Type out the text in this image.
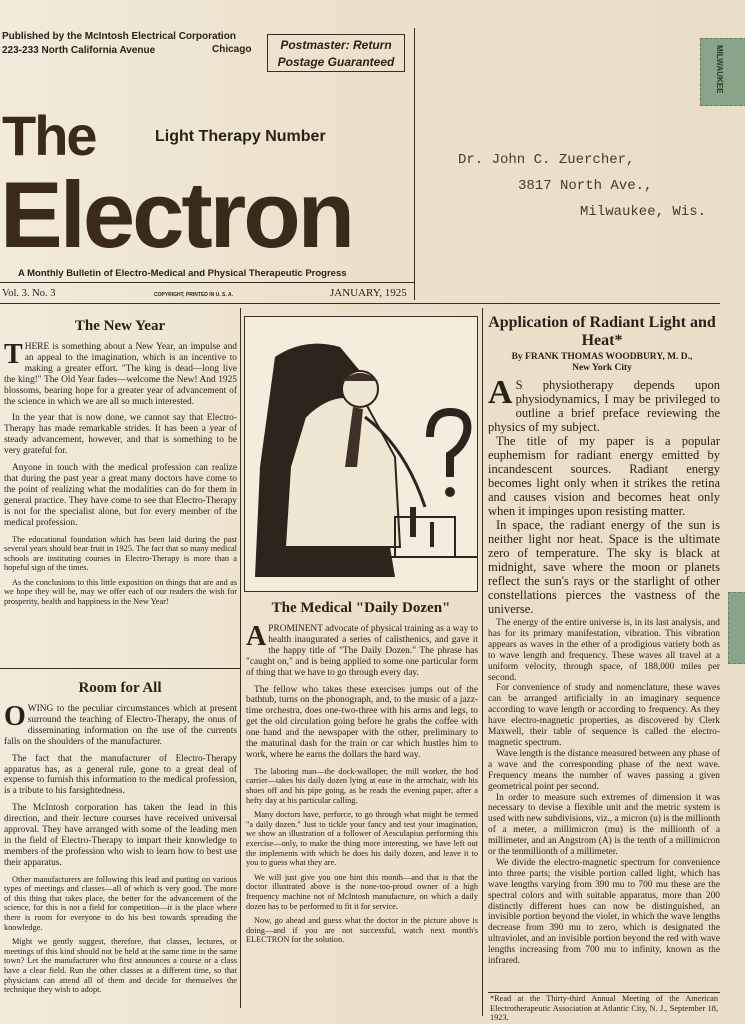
Published by the McIntosh Electrical Corporation
223-233 North California Avenue	Chicago	Postmaster: Return
Postage Guaranteed
The	Light Therapy Number
Electron
A Monthly Bulletin of Electro-Medical and Physical Therapeutic Progress
Vol. 3. No. 3	COPYRIGHT, PRINTED IN U. S. A.	JANUARY, 1925
Dr. John C. Zuercher,
3817 North Ave.,
Milwaukee, Wis.
MILWAUKEE
The New Year

THERE is something about a New Year, an impulse and an appeal to the imagination, which is an incentive to making a greater effort. "The king is dead—long live the king!" The Old Year fades—welcome the New! And 1925 blossoms, bearing hope for a greater year of advancement of the science in which we are all so much interested.

In the year that is now done, we cannot say that Electro-Therapy has made remarkable strides. It has been a year of steady advancement, however, and that is something to be very grateful for.

Anyone in touch with the medical profession can realize that during the past year a great many doctors have come to the point of realizing what the modalities can do for them in general practice. They have come to see that Electro-Therapy is not for the specialist alone, but for every member of the medical profession.

The educational foundation which has been laid during the past several years should bear fruit in 1925. The fact that so many medical schools are instituting courses in Electro-Therapy is more than a hopeful sign of the times.

As the conclusions to this little exposition on things that are and as we hope they will be, may we offer each of our readers the wish for prosperity, health and happiness in the New Year!

Room for All

OWING to the peculiar circumstances which at present surround the teaching of Electro-Therapy, the onus of disseminating information on the use of the currents falls on the shoulders of the manufacturer.

The fact that the manufacturer of Electro-Therapy apparatus has, as a general rule, gone to a great deal of expense to furnish this information to the medical profession, is a tribute to his farsightedness.

The McIntosh corporation has taken the lead in this direction, and their lecture courses have received universal approval. They have arranged with some of the leading men in the field of Electro-Therapy to impart their knowledge to members of the profession who wish to learn how to best use their apparatus.

Other manufacturers are following this lead and putting on various types of meetings and classes—all of which is very good. The more of this thing that takes place, the better for the advancement of the science, for this is not a field for competition—it is the place where there is room for everyone to do his best towards spreading the knowledge.

Might we gently suggest, therefore, that classes, lectures, or meetings of this kind should not be held at the same time in the same town? Let the manufacturer who first announces a course or a class have a clear field. Run the other classes at a different time, so that physicians can attend all of them and decide for themselves the technique they wish to adopt.

The Medical "Daily Dozen"

APROMINENT advocate of physical training as a way to health inaugurated a series of calisthenics, and gave it the happy title of "The Daily Dozen." The phrase has "caught on," and is being applied to some one particular form of thing that we have to go through every day.

The fellow who takes these exercises jumps out of the bathtub, turns on the phonograph, and, to the music of a jazz-time orchestra, does one-two-three with his arms and legs, to get the old circulation going before he grabs the coffee with one hand and the newspaper with the other, preliminary to the matutinal dash for the train or car which hustles him to work, where he earns the dollars the hard way.

The laboring man—the dock-walloper, the mill worker, the hod carrier—takes his daily dozen lying at ease in the armchair, with his shoes off and his pipe going, as he reads the evening paper, after a hefty day at his particular calling.

Many doctors have, perforce, to go through what might be termed "a daily dozen." Just to tickle your fancy and test your imagination, we show an illustration of a follower of Aesculapius performing this exercise—only, to make the thing more interesting, we have left out the implements with which he does his daily dozen, and leave it to you to guess what they are.

We will just give you one hint this month—and that is that the doctor illustrated above is the none-too-proud owner of a high frequency machine not of McIntosh manufacture, on which a daily dozen has to be performed to fit it for service.

Now, go ahead and guess what the doctor in the picture above is doing—and if you are not successful, watch next month's ELECTRON for the solution.

Application of Radiant Light and Heat*
By FRANK THOMAS WOODBURY, M. D.,
New York City

A S physiotherapy depends upon physiodynamics, I may be privileged to outline a brief preface reviewing the physics of my subject.

The title of my paper is a popular euphemism for radiant energy emitted by incandescent sources. Radiant energy becomes light only when it strikes the retina and causes vision and becomes heat only when it impinges upon resisting matter.

In space, the radiant energy of the sun is neither light nor heat. Space is the ultimate zero of temperature. The sky is black at midnight, save where the moon or planets reflect the sun's rays or the starlight of other constellations pierces the vastness of the universe.

The energy of the entire universe is, in its last analysis, and has for its primary manifestation, vibration. This vibration appears as waves in the ether of a prodigious variety both as to wave length and frequency. These waves all travel at a uniform velocity, through space, of 188,000 miles per second.

For convenience of study and nomenclature, these waves can be arranged artificially in an imaginary sequence according to wave length or according to frequency. As they have electro-magnetic properties, as discovered by Clerk Maxwell, their table of sequence is called the electro-magnetic spectrum.

Wave length is the distance measured between any phase of a wave and the corresponding phase of the next wave. Frequency means the number of waves passing a given geometrical point per second.

In order to measure such extremes of dimension it was necessary to devise a flexible unit and the metric system is used with new subdivisions, viz., a micron (u) is the millionth of a meter, a millimicron (mu) is the millionth of a millimeter, and an Angstrom (A) is the tenth of a millimicron or the tenmillionth of a millimeter.

We divide the electro-magnetic spectrum for convenience into three parts; the visible portion called light, which has wave lengths varying from 390 mu to 700 mu these are the spectral colors and with suitable apparatus, more than 200 distinctly different hues can now be distinguished, an invisible portion beyond the violet, in which the wave lengths decrease from 390 mu to zero, which is designated the ultraviolet, and an invisible portion beyond the red with wave lengths increasing from 700 mu to infinity, known as the infrared.

*Read at the Thirty-third Annual Meeting of the American Electrotherapeutic Association at Atlantic City, N. J., September 18, 1923.
